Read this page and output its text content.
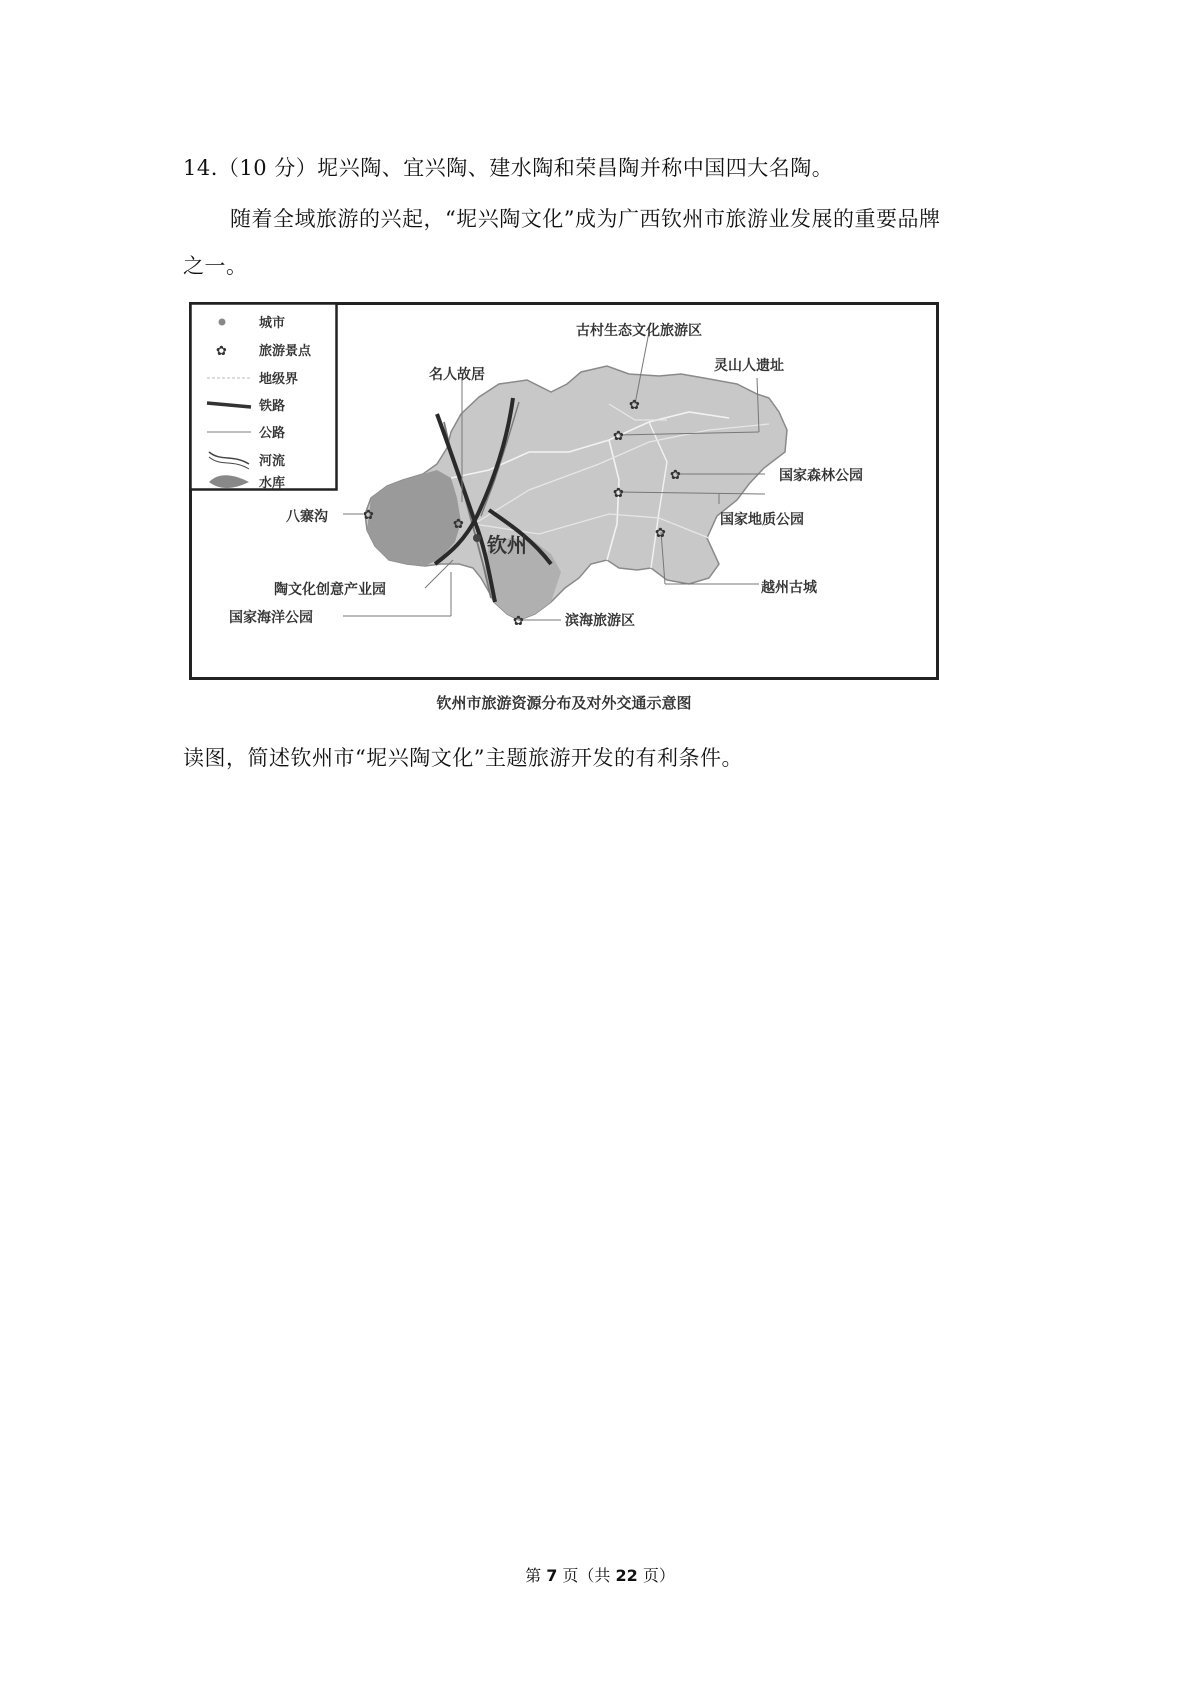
14.（10 分）坭兴陶、宜兴陶、建水陶和荣昌陶并称中国四大名陶。
随着全域旅游的兴起，“坭兴陶文化”成为广西钦州市旅游业发展的重要品牌
之一。
城市
✿ 旅游景点
地级界
铁路
公路
河流
水库
钦州
✿
✿
✿
✿
✿
✿
✿
✿
古村生态文化旅游区
灵山人遗址
名人故居
国家森林公园
国家地质公园
八寨沟
陶文化创意产业园	越州古城
国家海洋公园	滨海旅游区
钦州市旅游资源分布及对外交通示意图
读图，简述钦州市“坭兴陶文化”主题旅游开发的有利条件。
第 7 页（共 22 页）
